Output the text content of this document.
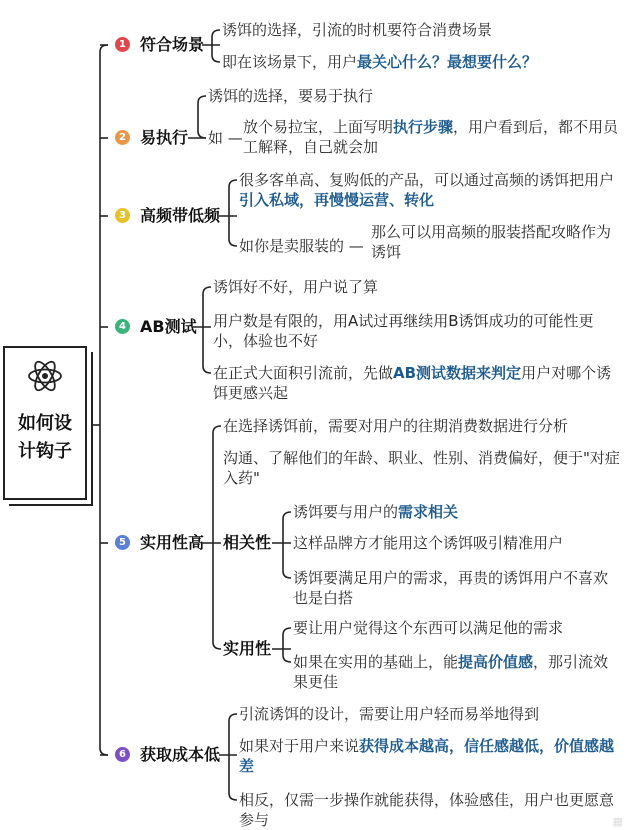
如何设计钩子
1 符合场景
诱饵的选择，引流的时机要符合消费场景
即在该场景下，用户最关心什么？最想要什么？
2 易执行
诱饵的选择，要易于执行
放个易拉宝，上面写明执行步骤，用户看到后，都不用员工解释，自己就会加
如 —
3 高频带低频
很多客单高、复购低的产品，可以通过高频的诱饵把用户引入私域，再慢慢运营、转化
那么可以用高频的服装搭配攻略作为诱饵
如你是卖服装的 —
4 AB测试
诱饵好不好，用户说了算
用户数是有限的，用A试过再继续用B诱饵成功的可能性更小，体验也不好
在正式大面积引流前，先做AB测试数据来判定用户对哪个诱饵更感兴起
5 实用性高
在选择诱饵前，需要对用户的往期消费数据进行分析
沟通、了解他们的年龄、职业、性别、消费偏好，便于"对症入药"
相关性
诱饵要与用户的需求相关
这样品牌方才能用这个诱饵吸引精准用户
诱饵要满足用户的需求，再贵的诱饵用户不喜欢也是白搭
实用性
要让用户觉得这个东西可以满足他的需求
如果在实用的基础上，能提高价值感，那引流效果更佳
6 获取成本低
引流诱饵的设计，需要让用户轻而易举地得到
如果对于用户来说获得成本越高，信任感越低，价值感越差
相反，仅需一步操作就能获得，体验感佳，用户也更愿意参与	▦
